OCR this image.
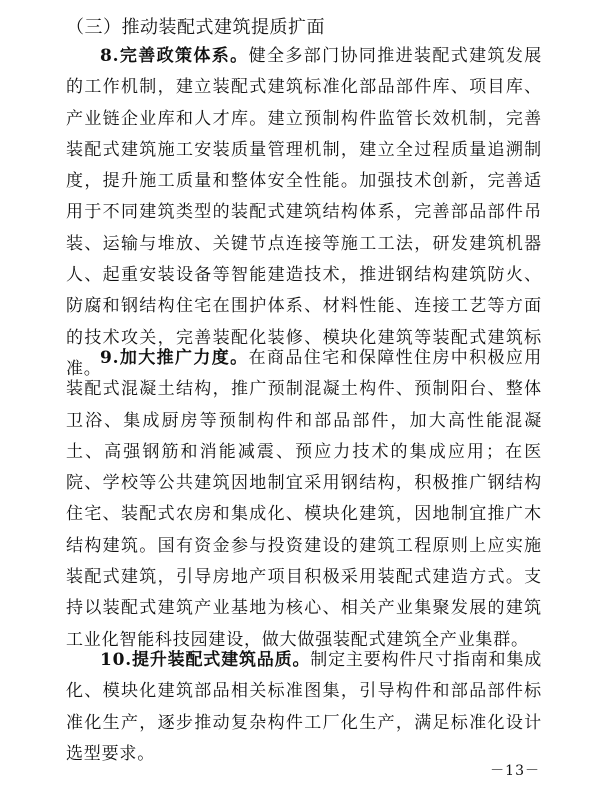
（三）推动装配式建筑提质扩面

8.完善政策体系。健全多部门协同推进装配式建筑发展的工作机制，建立装配式建筑标准化部品部件库、项目库、产业链企业库和人才库。建立预制构件监管长效机制，完善装配式建筑施工安装质量管理机制，建立全过程质量追溯制度，提升施工质量和整体安全性能。加强技术创新，完善适用于不同建筑类型的装配式建筑结构体系，完善部品部件吊装、运输与堆放、关键节点连接等施工工法，研发建筑机器人、起重安装设备等智能建造技术，推进钢结构建筑防火、防腐和钢结构住宅在围护体系、材料性能、连接工艺等方面的技术攻关，完善装配化装修、模块化建筑等装配式建筑标准。

9.加大推广力度。在商品住宅和保障性住房中积极应用装配式混凝土结构，推广预制混凝土构件、预制阳台、整体卫浴、集成厨房等预制构件和部品部件，加大高性能混凝土、高强钢筋和消能减震、预应力技术的集成应用；在医院、学校等公共建筑因地制宜采用钢结构，积极推广钢结构住宅、装配式农房和集成化、模块化建筑，因地制宜推广木结构建筑。国有资金参与投资建设的建筑工程原则上应实施装配式建筑，引导房地产项目积极采用装配式建造方式。支持以装配式建筑产业基地为核心、相关产业集聚发展的建筑工业化智能科技园建设，做大做强装配式建筑全产业集群。

10.提升装配式建筑品质。制定主要构件尺寸指南和集成化、模块化建筑部品相关标准图集，引导构件和部品部件标准化生产，逐步推动复杂构件工厂化生产，满足标准化设计选型要求。

－13－
